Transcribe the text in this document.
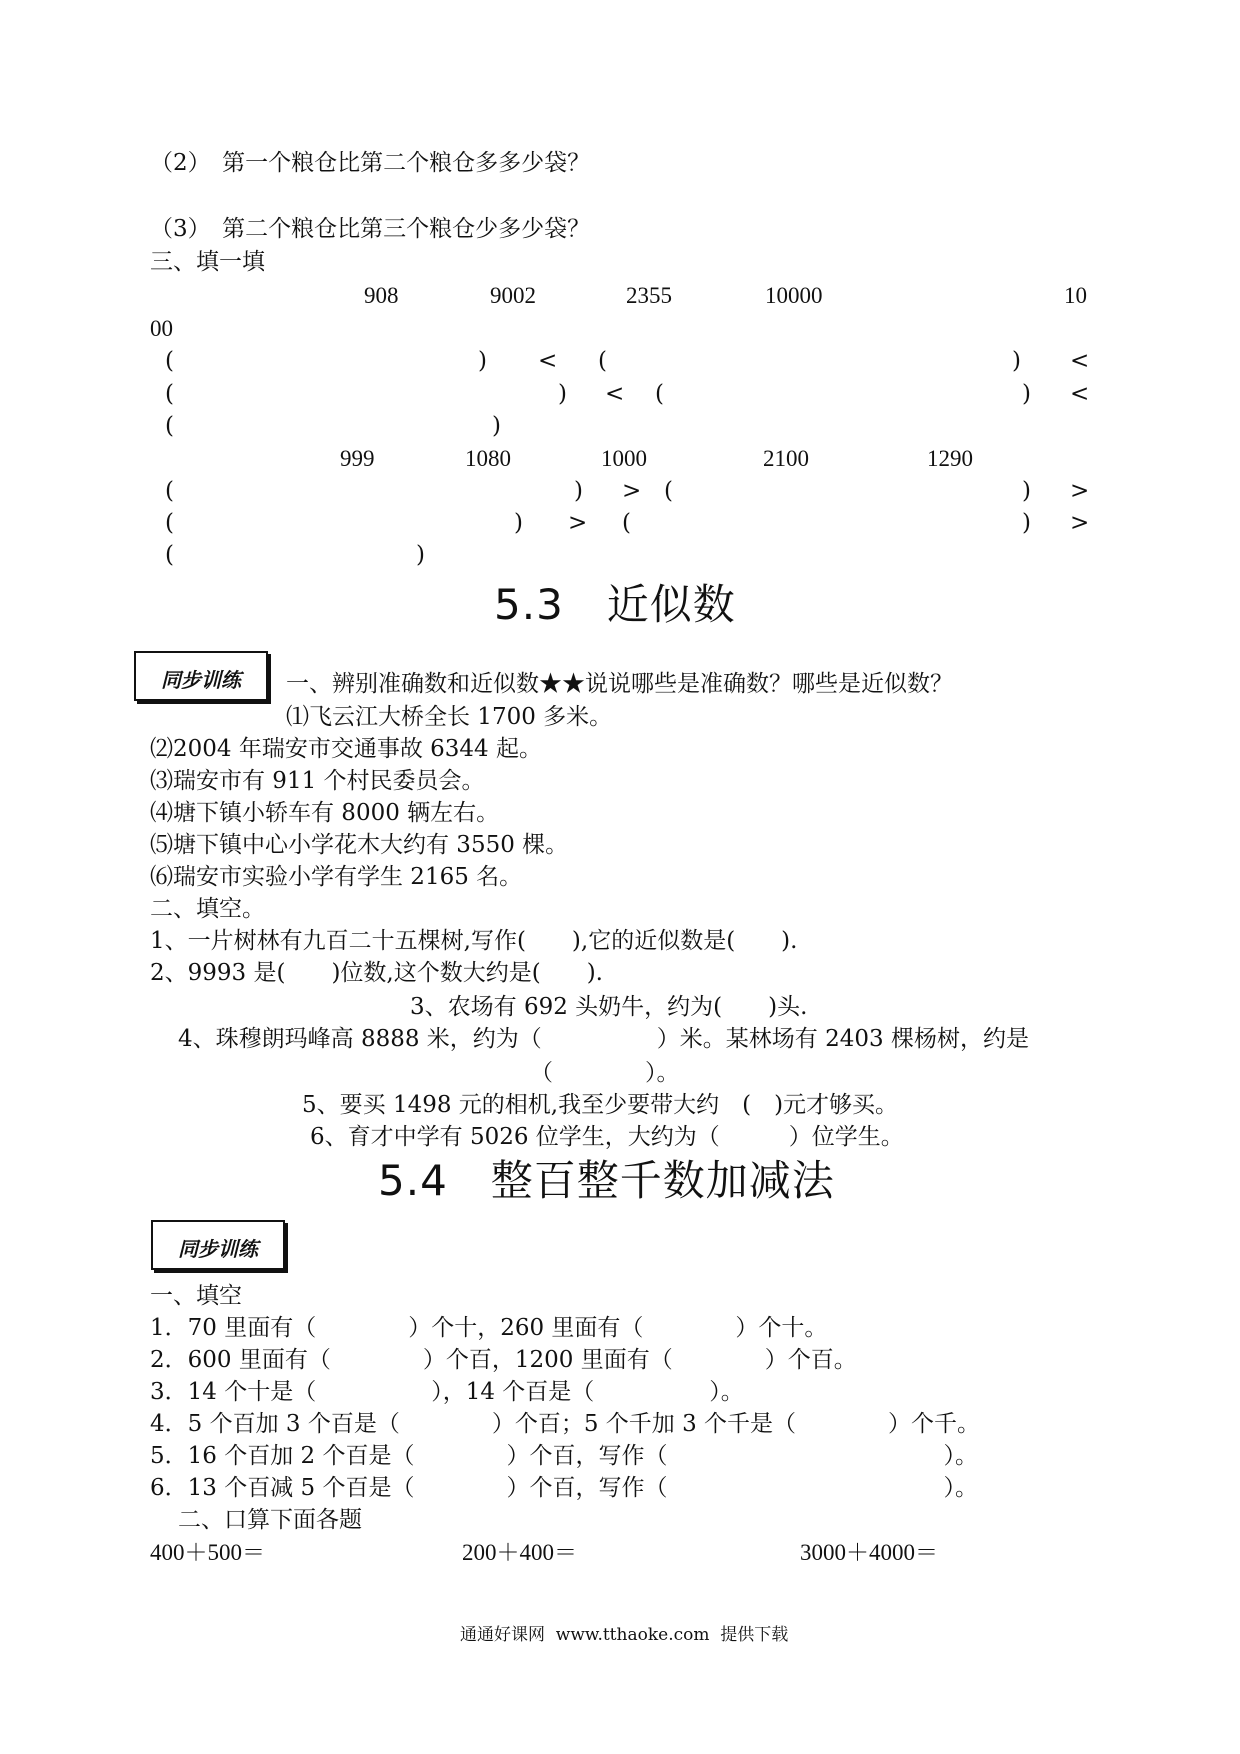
（2）　第一个粮仓比第二个粮仓多多少袋？
（3）　第二个粮仓比第三个粮仓少多少袋？
三、填一填
908	9002	2355	10000	10
00
(	) < (	) <
(	) < (	) <
(	)
999	1080	1000	2100	1290
(	) > (	) >
(	) > (	) >
(	)
5.3　近似数
同步训练	一、辨别准确数和近似数★★说说哪些是准确数？哪些是近似数？
⑴飞云江大桥全长 1700 多米。
⑵2004 年瑞安市交通事故 6344 起。
⑶瑞安市有 911 个村民委员会。
⑷塘下镇小轿车有 8000 辆左右。
⑸塘下镇中心小学花木大约有 3550 棵。
⑹瑞安市实验小学有学生 2165 名。
二、填空。
1、一片树林有九百二十五棵树,写作(　　),它的近似数是(　　).
2、9993 是(　　)位数,这个数大约是(　　).
3、农场有 692 头奶牛，约为(　　)头.
4、珠穆朗玛峰高 8888 米，约为（　　　　　）米。某林场有 2403 棵杨树，约是
（　　　　）。
5、要买 1498 元的相机,我至少要带大约　(　)元才够买。
6、育才中学有 5026 位学生，大约为（　　　）位学生。
5.4　整百整千数加减法
同步训练
一、填空
1．70 里面有（　　　　）个十，260 里面有（　　　　）个十。
2．600 里面有（　　　　）个百，1200 里面有（　　　　）个百。
3．14 个十是（　　　　　），14 个百是（　　　　　）。
4．5 个百加 3 个百是（　　　　）个百；5 个千加 3 个千是（　　　　）个千。
5．16 个百加 2 个百是（　　　　）个百，写作（　　　　　　　　　　　　）。
6．13 个百减 5 个百是（　　　　）个百，写作（　　　　　　　　　　　　）。
二、口算下面各题
400＋500＝	200＋400＝	3000＋4000＝
通通好课网  www.tthaoke.com  提供下载
